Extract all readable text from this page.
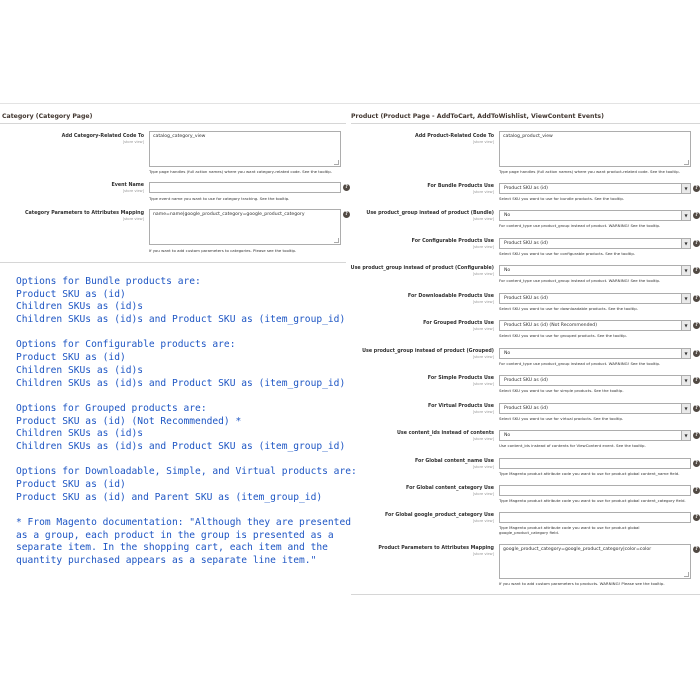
Category (Category Page)
Add Category-Related Code To
[store view]
catalog_category_view
Type page handles (full action names) where you want category-related code. See the tooltip.
Event Name
[store view]
?
Type event name you want to use for category tracking. See the tooltip.
Category Parameters to Attributes Mapping
[store view]
name=name|google_product_category=google_product_category	?
If you want to add custom parameters to categories. Please see the tooltip.
Options for Bundle products are:
Product SKU as (id)
Children SKUs as (id)s
Children SKUs as (id)s and Product SKU as (item_group_id)
Options for Configurable products are:
Product SKU as (id)
Children SKUs as (id)s
Children SKUs as (id)s and Product SKU as (item_group_id)
Options for Grouped products are:
Product SKU as (id) (Not Recommended) *
Children SKUs as (id)s
Children SKUs as (id)s and Product SKU as (item_group_id)
Options for Downloadable, Simple, and Virtual products are:
Product SKU as (id)
Product SKU as (id) and Parent SKU as (item_group_id)
* From Magento documentation: "Although they are presented
as a group, each product in the group is presented as a
separate item. In the shopping cart, each item and the
quantity purchased appears as a separate line item."
Product (Product Page - AddToCart, AddToWishlist, ViewContent Events)
Add Product-Related Code To
[store view]
catalog_product_view
Type page handles (full action names) where you want product-related code. See the tooltip.
For Bundle Products Use
[store view]
Product SKU as (id)	▼	?
Select SKU you want to use for bundle products. See the tooltip.
Use product_group instead of product (Bundle)
[store view]
No	▼	?
For content_type use product_group instead of product. WARNING! See the tooltip.
For Configurable Products Use
[store view]
Product SKU as (id)	▼	?
Select SKU you want to use for configurable products. See the tooltip.
Use product_group instead of product (Configurable)
[store view]
No	▼	?
For content_type use product_group instead of product. WARNING! See the tooltip.
For Downloadable Products Use
[store view]
Product SKU as (id)	▼	?
Select SKU you want to use for downloadable products. See the tooltip.
For Grouped Products Use
[store view]
Product SKU as (id) (Not Recommended)	▼	?
Select SKU you want to use for grouped products. See the tooltip.
Use product_group instead of product (Grouped)
[store view]
No	▼	?
For content_type use product_group instead of product. WARNING! See the tooltip.
For Simple Products Use
[store view]
Product SKU as (id)	▼	?
Select SKU you want to use for simple products. See the tooltip.
For Virtual Products Use
[store view]
Product SKU as (id)	▼	?
Select SKU you want to use for virtual products. See the tooltip.
Use content_ids instead of contents
[store view]
No	▼	?
Use content_ids instead of contents for ViewContent event. See the tooltip.
For Global content_name Use
[store view]
?
Type Magento product attribute code you want to use for product global content_name field.
For Global content_category Use
[store view]
?
Type Magento product attribute code you want to use for product global content_category field.
For Global google_product_category Use
[store view]
?
Type Magento product attribute code you want to use for product global
google_product_category field.
Product Parameters to Attributes Mapping
[store view]
google_product_category=google_product_category|color=color	?
If you want to add custom parameters to products. WARNING! Please see the tooltip.
